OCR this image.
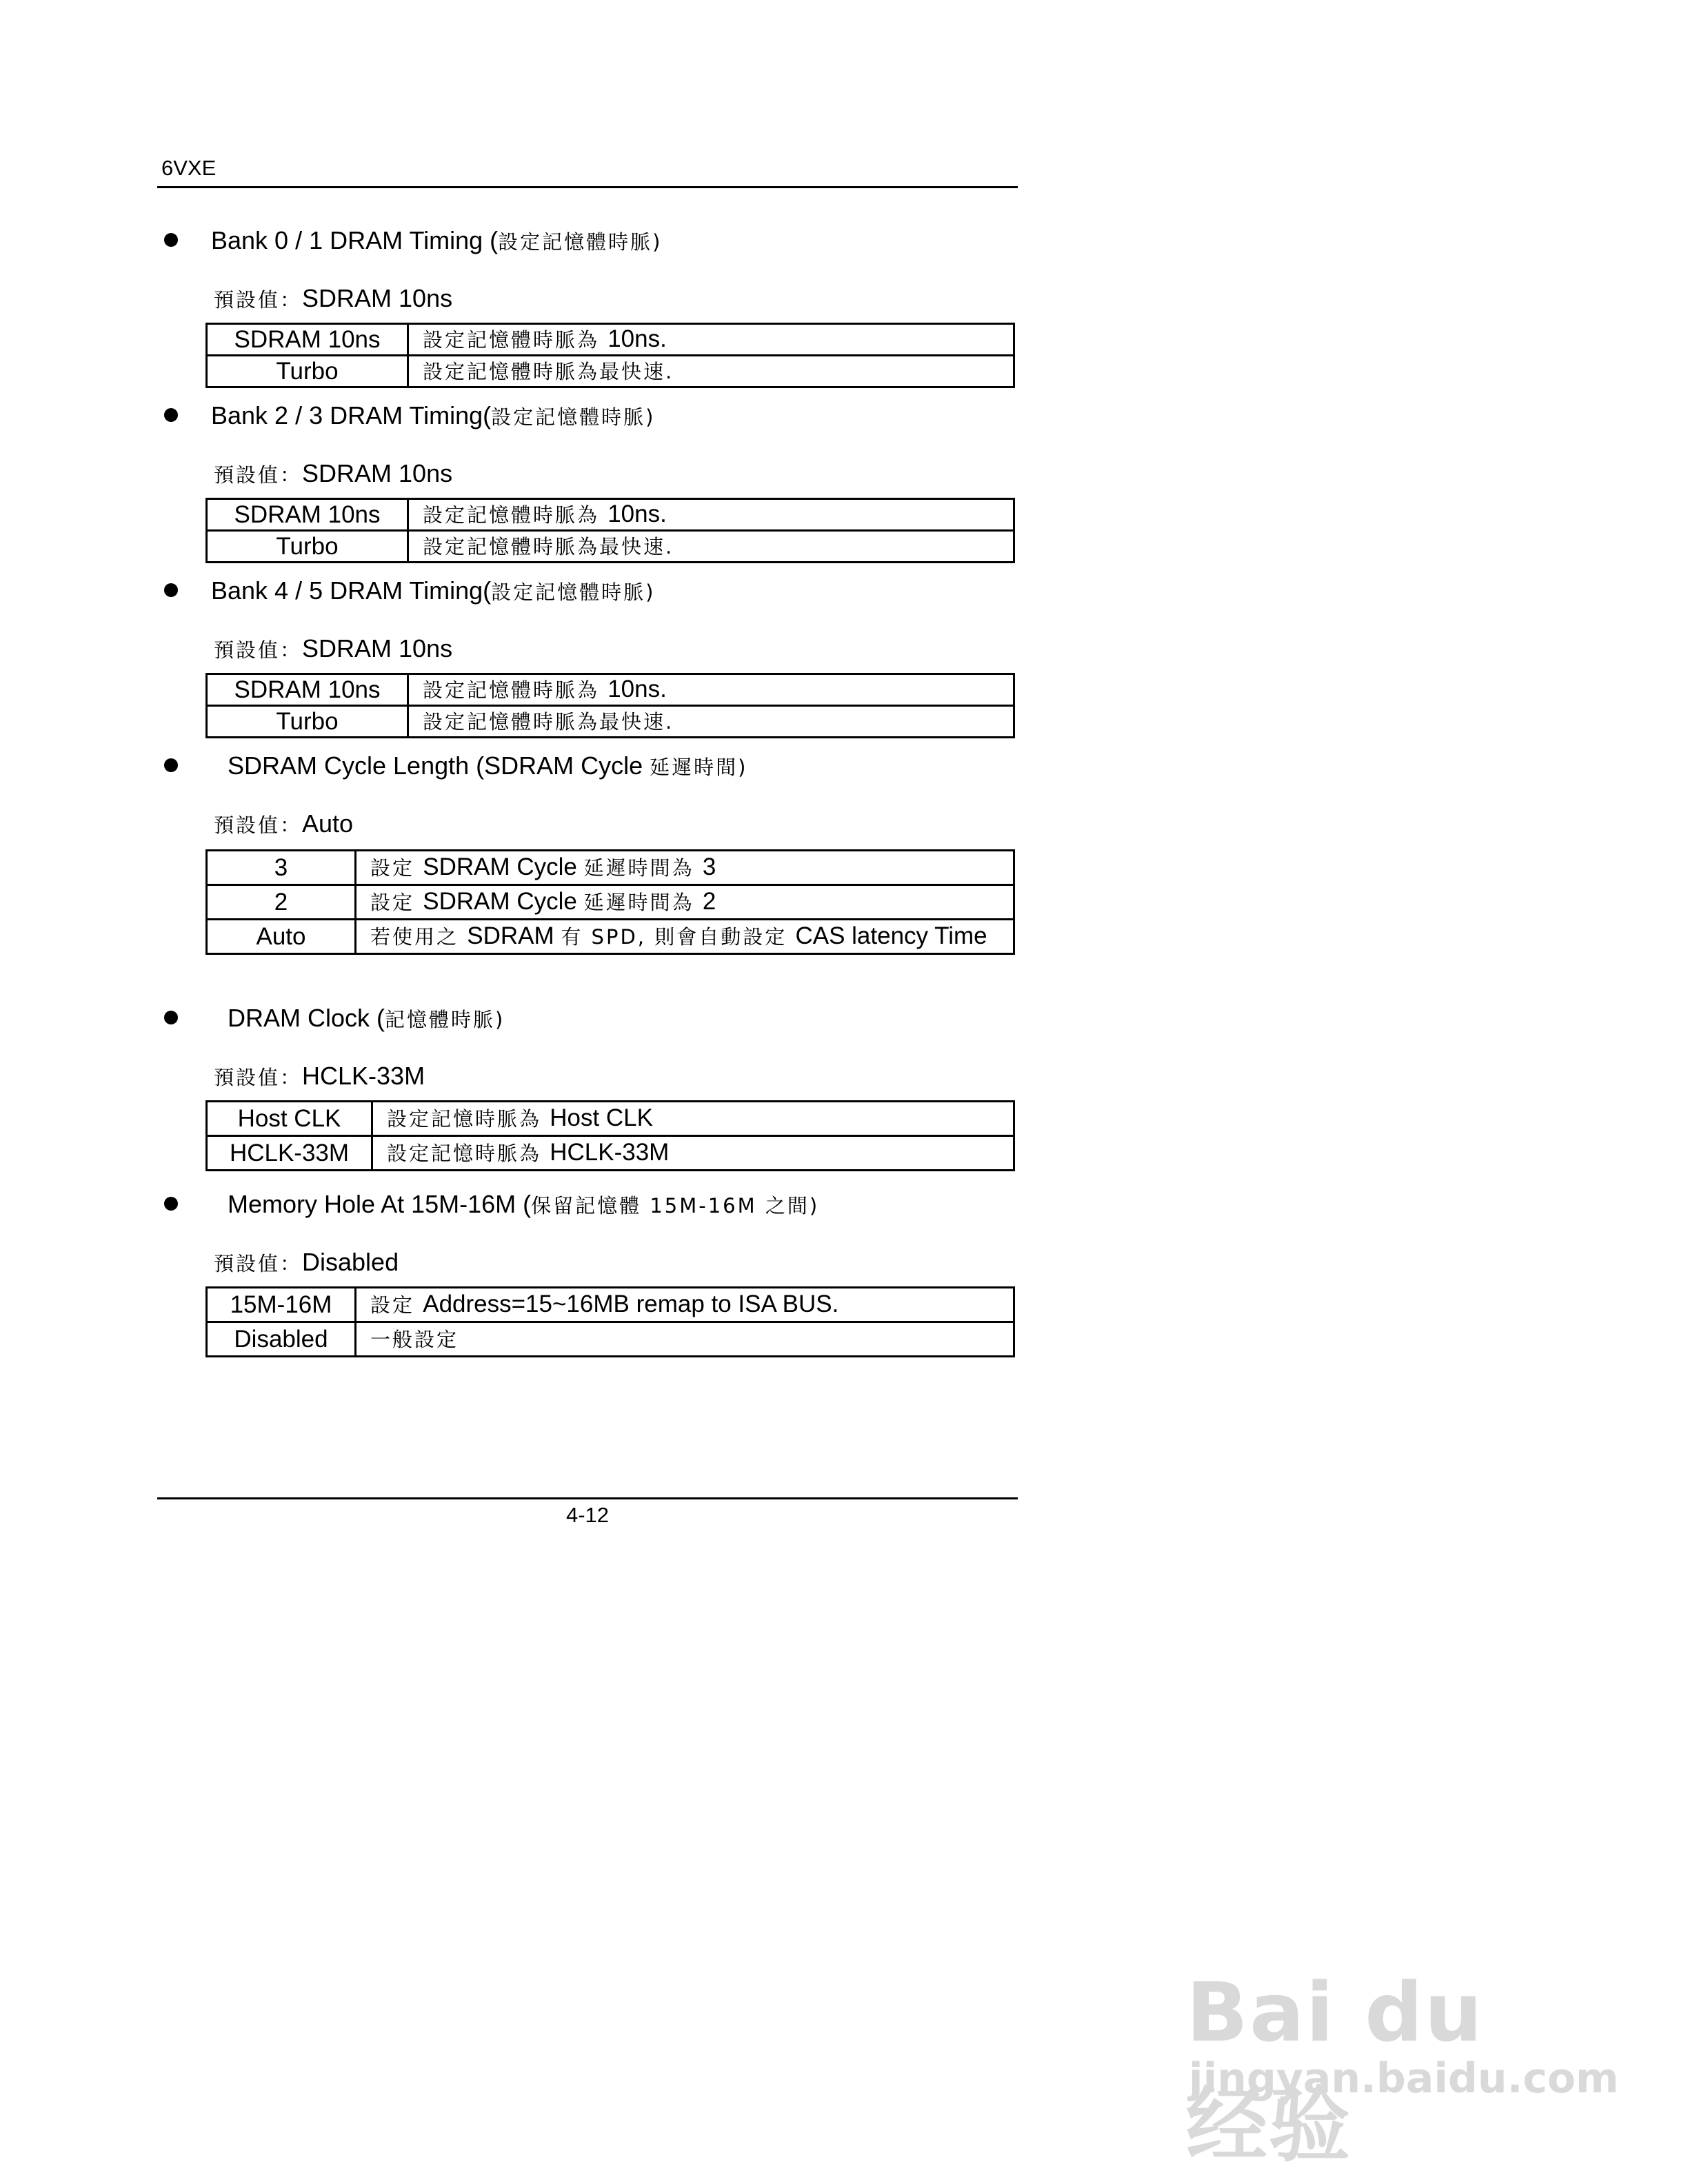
6VXE
Bank 0 / 1 DRAM Timing (設定記憶體時脈)
預設值：SDRAM 10ns
SDRAM 10ns	設定記憶體時脈為 10ns.
Turbo	設定記憶體時脈為最快速.
Bank 2 / 3 DRAM Timing(設定記憶體時脈)
預設值：SDRAM 10ns
SDRAM 10ns	設定記憶體時脈為 10ns.
Turbo	設定記憶體時脈為最快速.
Bank 4 / 5 DRAM Timing(設定記憶體時脈)
預設值：SDRAM 10ns
SDRAM 10ns	設定記憶體時脈為 10ns.
Turbo	設定記憶體時脈為最快速.
SDRAM Cycle Length (SDRAM Cycle 延遲時間)
預設值：Auto
3	設定 SDRAM Cycle 延遲時間為 3
2	設定 SDRAM Cycle 延遲時間為 2
Auto	若使用之 SDRAM 有 SPD, 則會自動設定 CAS latency Time
DRAM Clock (記憶體時脈)
預設值：HCLK-33M
Host CLK	設定記憶時脈為 Host CLK
HCLK-33M	設定記憶時脈為 HCLK-33M
Memory Hole At 15M-16M (保留記憶體 15M-16M 之間)
預設值：Disabled
15M-16M	設定 Address=15~16MB remap to ISA BUS.
Disabled	一般設定
4-12
Bai du 经验
jingyan.baidu.com
